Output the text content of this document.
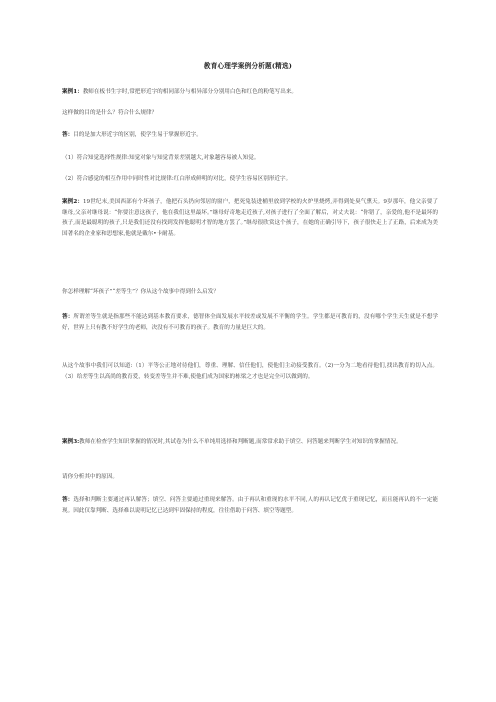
教育心理学案例分析题(精选)

案例1：教师在板书生字时,常把形近字的相同部分与相异部分分别用白色和红色的粉笔写出来。

这样做的目的是什么？符合什么规律？

答：目的是加大形近字的区别，使学生易于掌握形近字。

（1）符合知觉选择性规律:知觉对象与知觉背景差别越大,对象越容易被人知觉。

（2）符合感觉的相互作用中同时性对比规律:红白形成鲜明的对比，使学生容易区别形近字。

案例2：19世纪末,美国西部有个坏孩子，他把石头扔向邻居的窗户，把死兔装进桶里放到学校的火炉里烧烤,弄得到处臭气熏天。9岁那年，他父亲要了继母,父亲对继母说：“你要注意这孩子，他在我们这里最坏。”继母好奇地走近孩子,对孩子进行了全面了解后，对丈夫说：“你错了，亲爱的,他不是最坏的孩子,而是最聪明的孩子,只是我们还没有找到发挥他聪明才智的地方罢了。”继母很欣赏这个孩子，在她的正确引导下，孩子很快走上了正路，后来成为美国著名的企业家和思想家,他就是戴尔•卡耐基。

你怎样理解“坏孩子”“差等生”？你从这个故事中得到什么启发？

答：所谓差等生就是指那些不能达到基本教育要求，德智体全面发展水平较差或发展不平衡的学生。学生都是可教育的，没有哪个学生天生就是不想学好，世界上只有教不好学生的老师，决没有不可教育的孩子。教育的力量是巨大的。

从这个故事中我们可以知道:（1）平等公正地对待他们，尊重、理解、信任他们，使他们主动接受教育。（2)一分为二地看待他们,找出教育的切入点。（3）给差等生以高尚的教育爱，转变差等生并不难,使他们成为国家的栋梁之才也是完全可以做到的。

案例3:教师在检查学生知识掌握的情况时,其试卷为什么不单纯用选择和判断题,而常常求助于填空、问答题来判断学生对知识的掌握情况。

请你分析其中的原因。

答：选择和判断主要通过再认解答；填空、问答主要通过重现来解答。由于再认和重现的水平不同,人的再认记忆优于重现记忆，而且能再认的不一定能现。因此仅靠判断、选择难以说明记忆已达到牢固保持的程度，往往借助于问答、填空等题型。
